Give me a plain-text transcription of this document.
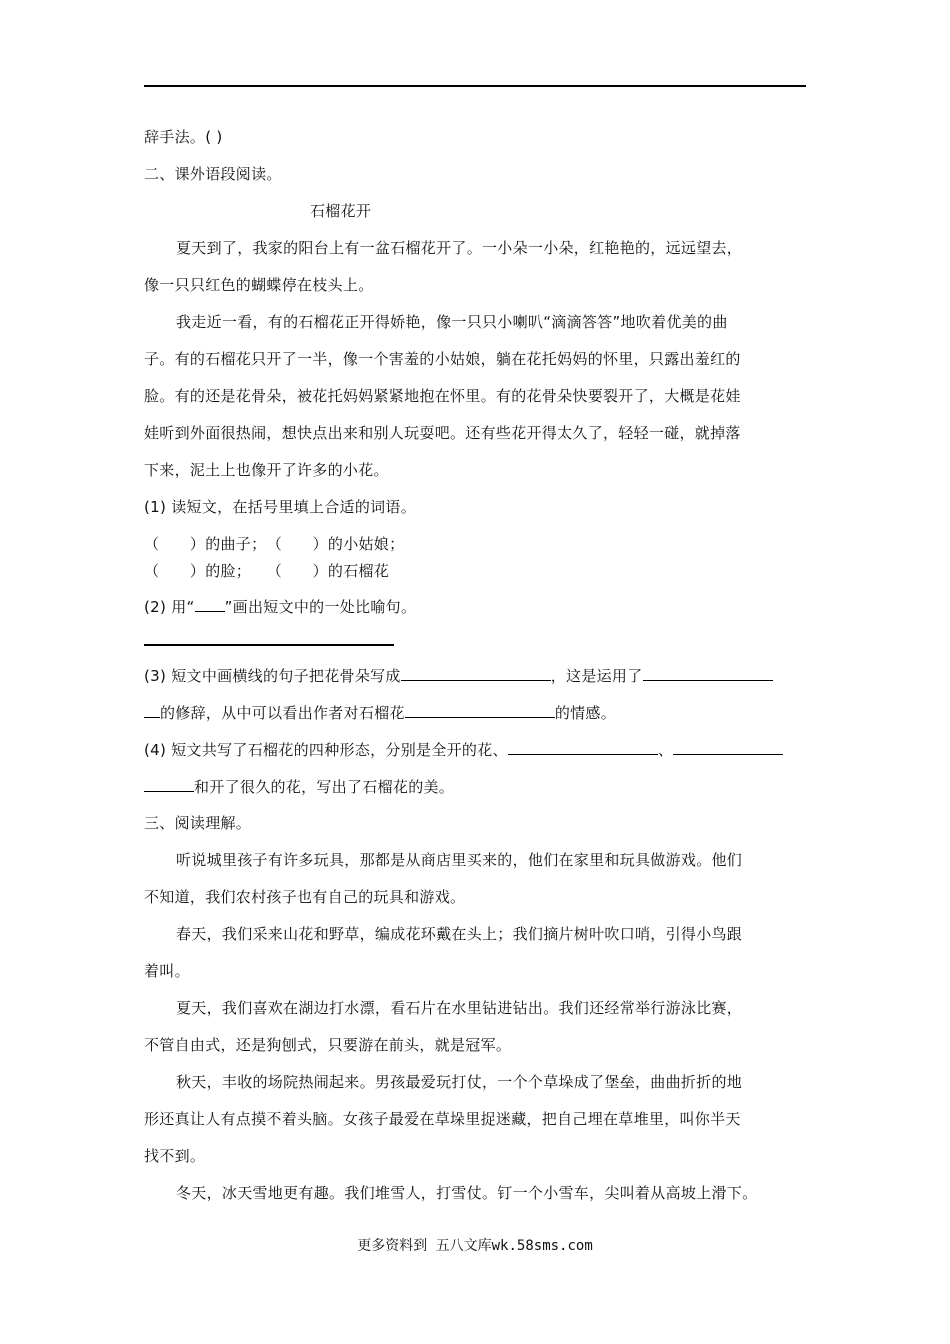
辞手法。( )
二、课外语段阅读。
石榴花开
夏天到了，我家的阳台上有一盆石榴花开了。一小朵一小朵，红艳艳的，远远望去，
像一只只红色的蝴蝶停在枝头上。
我走近一看，有的石榴花正开得娇艳，像一只只小喇叭“滴滴答答”地吹着优美的曲
子。有的石榴花只开了一半，像一个害羞的小姑娘，躺在花托妈妈的怀里，只露出羞红的
脸。有的还是花骨朵，被花托妈妈紧紧地抱在怀里。有的花骨朵快要裂开了，大概是花娃
娃听到外面很热闹，想快点出来和别人玩耍吧。还有些花开得太久了，轻轻一碰，就掉落
下来，泥土上也像开了许多的小花。
(1) 读短文，在括号里填上合适的词语。
（　　）的曲子；　（　　）的小姑娘；
（　　）的脸；　　（　　）的石榴花
(2) 用“ ”画出短文中的一处比喻句。
(3) 短文中画横线的句子把花骨朵写成	，这是运用了
的修辞，从中可以看出作者对石榴花	的情感。
(4) 短文共写了石榴花的四种形态，分别是全开的花、	、
和开了很久的花，写出了石榴花的美。
三、阅读理解。
听说城里孩子有许多玩具，那都是从商店里买来的，他们在家里和玩具做游戏。他们
不知道，我们农村孩子也有自己的玩具和游戏。
春天，我们采来山花和野草，编成花环戴在头上；我们摘片树叶吹口哨，引得小鸟跟
着叫。
夏天，我们喜欢在湖边打水漂，看石片在水里钻进钻出。我们还经常举行游泳比赛，
不管自由式，还是狗刨式，只要游在前头，就是冠军。
秋天，丰收的场院热闹起来。男孩最爱玩打仗，一个个草垛成了堡垒，曲曲折折的地
形还真让人有点摸不着头脑。女孩子最爱在草垛里捉迷藏，把自己埋在草堆里，叫你半天
找不到。
冬天，冰天雪地更有趣。我们堆雪人，打雪仗。钉一个小雪车，尖叫着从高坡上滑下。
更多资料到 五八文库wk.58sms.com
